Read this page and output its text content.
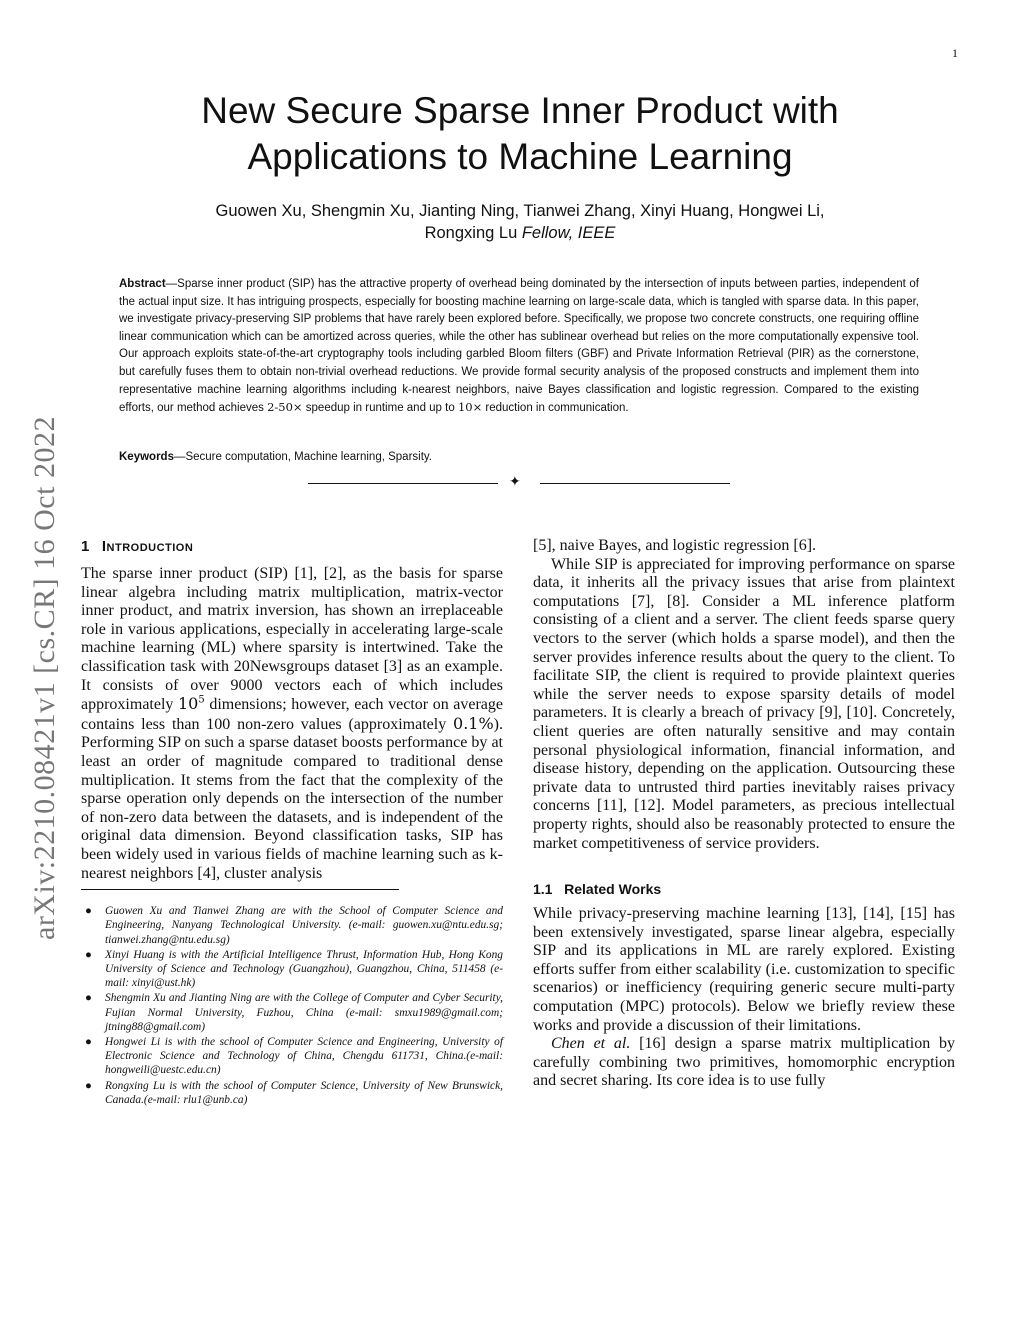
1
arXiv:2210.08421v1 [cs.CR] 16 Oct 2022
New Secure Sparse Inner Product with
Applications to Machine Learning
Guowen Xu, Shengmin Xu, Jianting Ning, Tianwei Zhang, Xinyi Huang, Hongwei Li,
Rongxing Lu Fellow, IEEE
Abstract—Sparse inner product (SIP) has the attractive property of overhead being dominated by the intersection of inputs between parties, independent of the actual input size. It has intriguing prospects, especially for boosting machine learning on large-scale data, which is tangled with sparse data. In this paper, we investigate privacy-preserving SIP problems that have rarely been explored before. Specifically, we propose two concrete constructs, one requiring offline linear communication which can be amortized across queries, while the other has sublinear overhead but relies on the more computationally expensive tool. Our approach exploits state-of-the-art cryptography tools including garbled Bloom filters (GBF) and Private Information Retrieval (PIR) as the cornerstone, but carefully fuses them to obtain non-trivial overhead reductions. We provide formal security analysis of the proposed constructs and implement them into representative machine learning algorithms including k-nearest neighbors, naive Bayes classification and logistic regression. Compared to the existing efforts, our method achieves 2-50× speedup in runtime and up to 10× reduction in communication.
Keywords—Secure computation, Machine learning, Sparsity.
✦
1 Introduction

The sparse inner product (SIP) [1], [2], as the basis for sparse linear algebra including matrix multiplication, matrix-vector inner product, and matrix inversion, has shown an irreplaceable role in various applications, especially in accelerating large-scale machine learning (ML) where sparsity is intertwined. Take the classification task with 20Newsgroups dataset [3] as an example. It consists of over 9000 vectors each of which includes approximately $10^5$ dimensions; however, each vector on average contains less than 100 non-zero values (approximately 0.1%). Performing SIP on such a sparse dataset boosts performance by at least an order of magnitude compared to traditional dense multiplication. It stems from the fact that the complexity of the sparse operation only depends on the intersection of the number of non-zero data between the datasets, and is independent of the original data dimension. Beyond classification tasks, SIP has been widely used in various fields of machine learning such as k-nearest neighbors [4], cluster analysis

● Guowen Xu and Tianwei Zhang are with the School of Computer Science and Engineering, Nanyang Technological University. (e-mail: guowen.xu@ntu.edu.sg; tianwei.zhang@ntu.edu.sg)
● Xinyi Huang is with the Artificial Intelligence Thrust, Information Hub, Hong Kong University of Science and Technology (Guangzhou), Guangzhou, China, 511458 (e-mail: xinyi@ust.hk)
● Shengmin Xu and Jianting Ning are with the College of Computer and Cyber Security, Fujian Normal University, Fuzhou, China (e-mail: smxu1989@gmail.com; jtning88@gmail.com)
● Hongwei Li is with the school of Computer Science and Engineering, University of Electronic Science and Technology of China, Chengdu 611731, China.(e-mail: hongweili@uestc.edu.cn)
● Rongxing Lu is with the school of Computer Science, University of New Brunswick, Canada.(e-mail: rlu1@unb.ca)

[5], naive Bayes, and logistic regression [6].

While SIP is appreciated for improving performance on sparse data, it inherits all the privacy issues that arise from plaintext computations [7], [8]. Consider a ML inference platform consisting of a client and a server. The client feeds sparse query vectors to the server (which holds a sparse model), and then the server provides inference results about the query to the client. To facilitate SIP, the client is required to provide plaintext queries while the server needs to expose sparsity details of model parameters. It is clearly a breach of privacy [9], [10]. Concretely, client queries are often naturally sensitive and may contain personal physiological information, financial information, and disease history, depending on the application. Outsourcing these private data to untrusted third parties inevitably raises privacy concerns [11], [12]. Model parameters, as precious intellectual property rights, should also be reasonably protected to ensure the market competitiveness of service providers.

1.1 Related Works

While privacy-preserving machine learning [13], [14], [15] has been extensively investigated, sparse linear algebra, especially SIP and its applications in ML are rarely explored. Existing efforts suffer from either scalability (i.e. customization to specific scenarios) or inefficiency (requiring generic secure multi-party computation (MPC) protocols). Below we briefly review these works and provide a discussion of their limitations.

Chen et al. [16] design a sparse matrix multiplication by carefully combining two primitives, homomorphic encryption and secret sharing. Its core idea is to use fully
